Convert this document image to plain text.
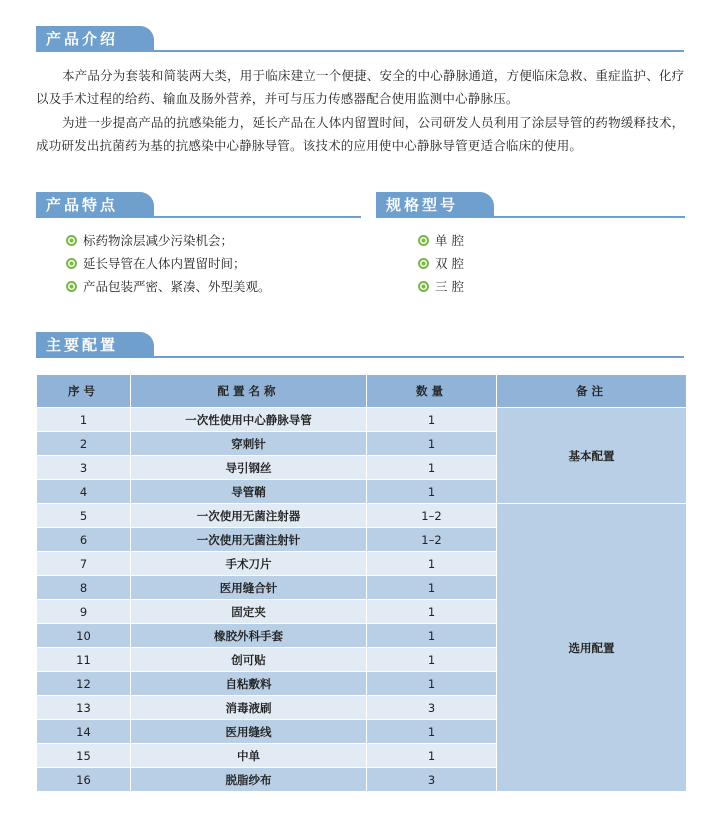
产品介绍

本产品分为套装和简装两大类，用于临床建立一个便捷、安全的中心静脉通道，方便临床急救、重症监护、化疗以及手术过程的给药、输血及肠外营养，并可与压力传感器配合使用监测中心静脉压。

为进一步提高产品的抗感染能力，延长产品在人体内留置时间，公司研发人员利用了涂层导管的药物缓释技术，成功研发出抗菌药为基的抗感染中心静脉导管。该技术的应用使中心静脉导管更适合临床的使用。

产品特点
标药物涂层减少污染机会；
延长导管在人体内置留时间；
产品包装严密、紧凑、外型美观。
规格型号
单 腔
双 腔
三 腔
主要配置
序号	配置名称	数量	备注
1	一次性使用中心静脉导管	1	基本配置
2	穿刺针	1	
3	导引钢丝	1	
4	导管鞘	1	
5	一次使用无菌注射器	1–2	选用配置
6	一次使用无菌注射针	1–2	
7	手术刀片	1	
8	医用缝合针	1	
9	固定夹	1	
10	橡胶外科手套	1	
11	创可贴	1	
12	自粘敷料	1	
13	消毒液刷	3	
14	医用缝线	1	
15	中单	1	
16	脱脂纱布	3	
